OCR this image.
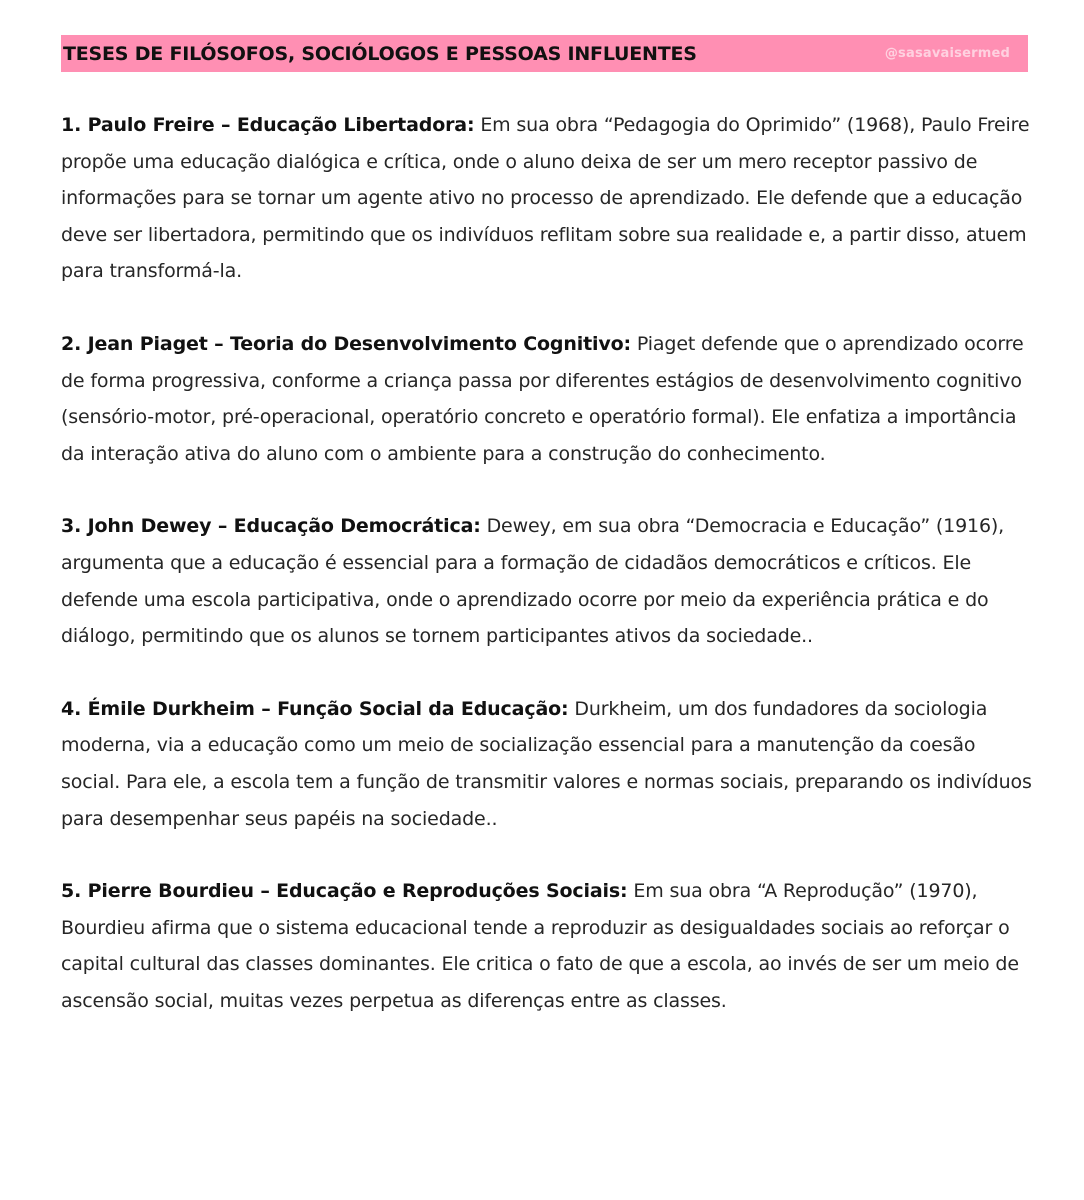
TESES DE FILÓSOFOS, SOCIÓLOGOS E PESSOAS INFLUENTES	@sasavaisermed

1. Paulo Freire – Educação Libertadora: Em sua obra “Pedagogia do Oprimido” (1968), Paulo Freire propõe uma educação dialógica e crítica, onde o aluno deixa de ser um mero receptor passivo de informações para se tornar um agente ativo no processo de aprendizado. Ele defende que a educação deve ser libertadora, permitindo que os indivíduos reflitam sobre sua realidade e, a partir disso, atuem para transformá-la.

2. Jean Piaget – Teoria do Desenvolvimento Cognitivo: Piaget defende que o aprendizado ocorre de forma progressiva, conforme a criança passa por diferentes estágios de desenvolvimento cognitivo (sensório-motor, pré-operacional, operatório concreto e operatório formal). Ele enfatiza a importância da interação ativa do aluno com o ambiente para a construção do conhecimento.

3. John Dewey – Educação Democrática: Dewey, em sua obra “Democracia e Educação” (1916), argumenta que a educação é essencial para a formação de cidadãos democráticos e críticos. Ele defende uma escola participativa, onde o aprendizado ocorre por meio da experiência prática e do diálogo, permitindo que os alunos se tornem participantes ativos da sociedade..

4. Émile Durkheim – Função Social da Educação: Durkheim, um dos fundadores da sociologia moderna, via a educação como um meio de socialização essencial para a manutenção da coesão social. Para ele, a escola tem a função de transmitir valores e normas sociais, preparando os indivíduos para desempenhar seus papéis na sociedade..

5. Pierre Bourdieu – Educação e Reproduções Sociais: Em sua obra “A Reprodução” (1970), Bourdieu afirma que o sistema educacional tende a reproduzir as desigualdades sociais ao reforçar o capital cultural das classes dominantes. Ele critica o fato de que a escola, ao invés de ser um meio de ascensão social, muitas vezes perpetua as diferenças entre as classes.
